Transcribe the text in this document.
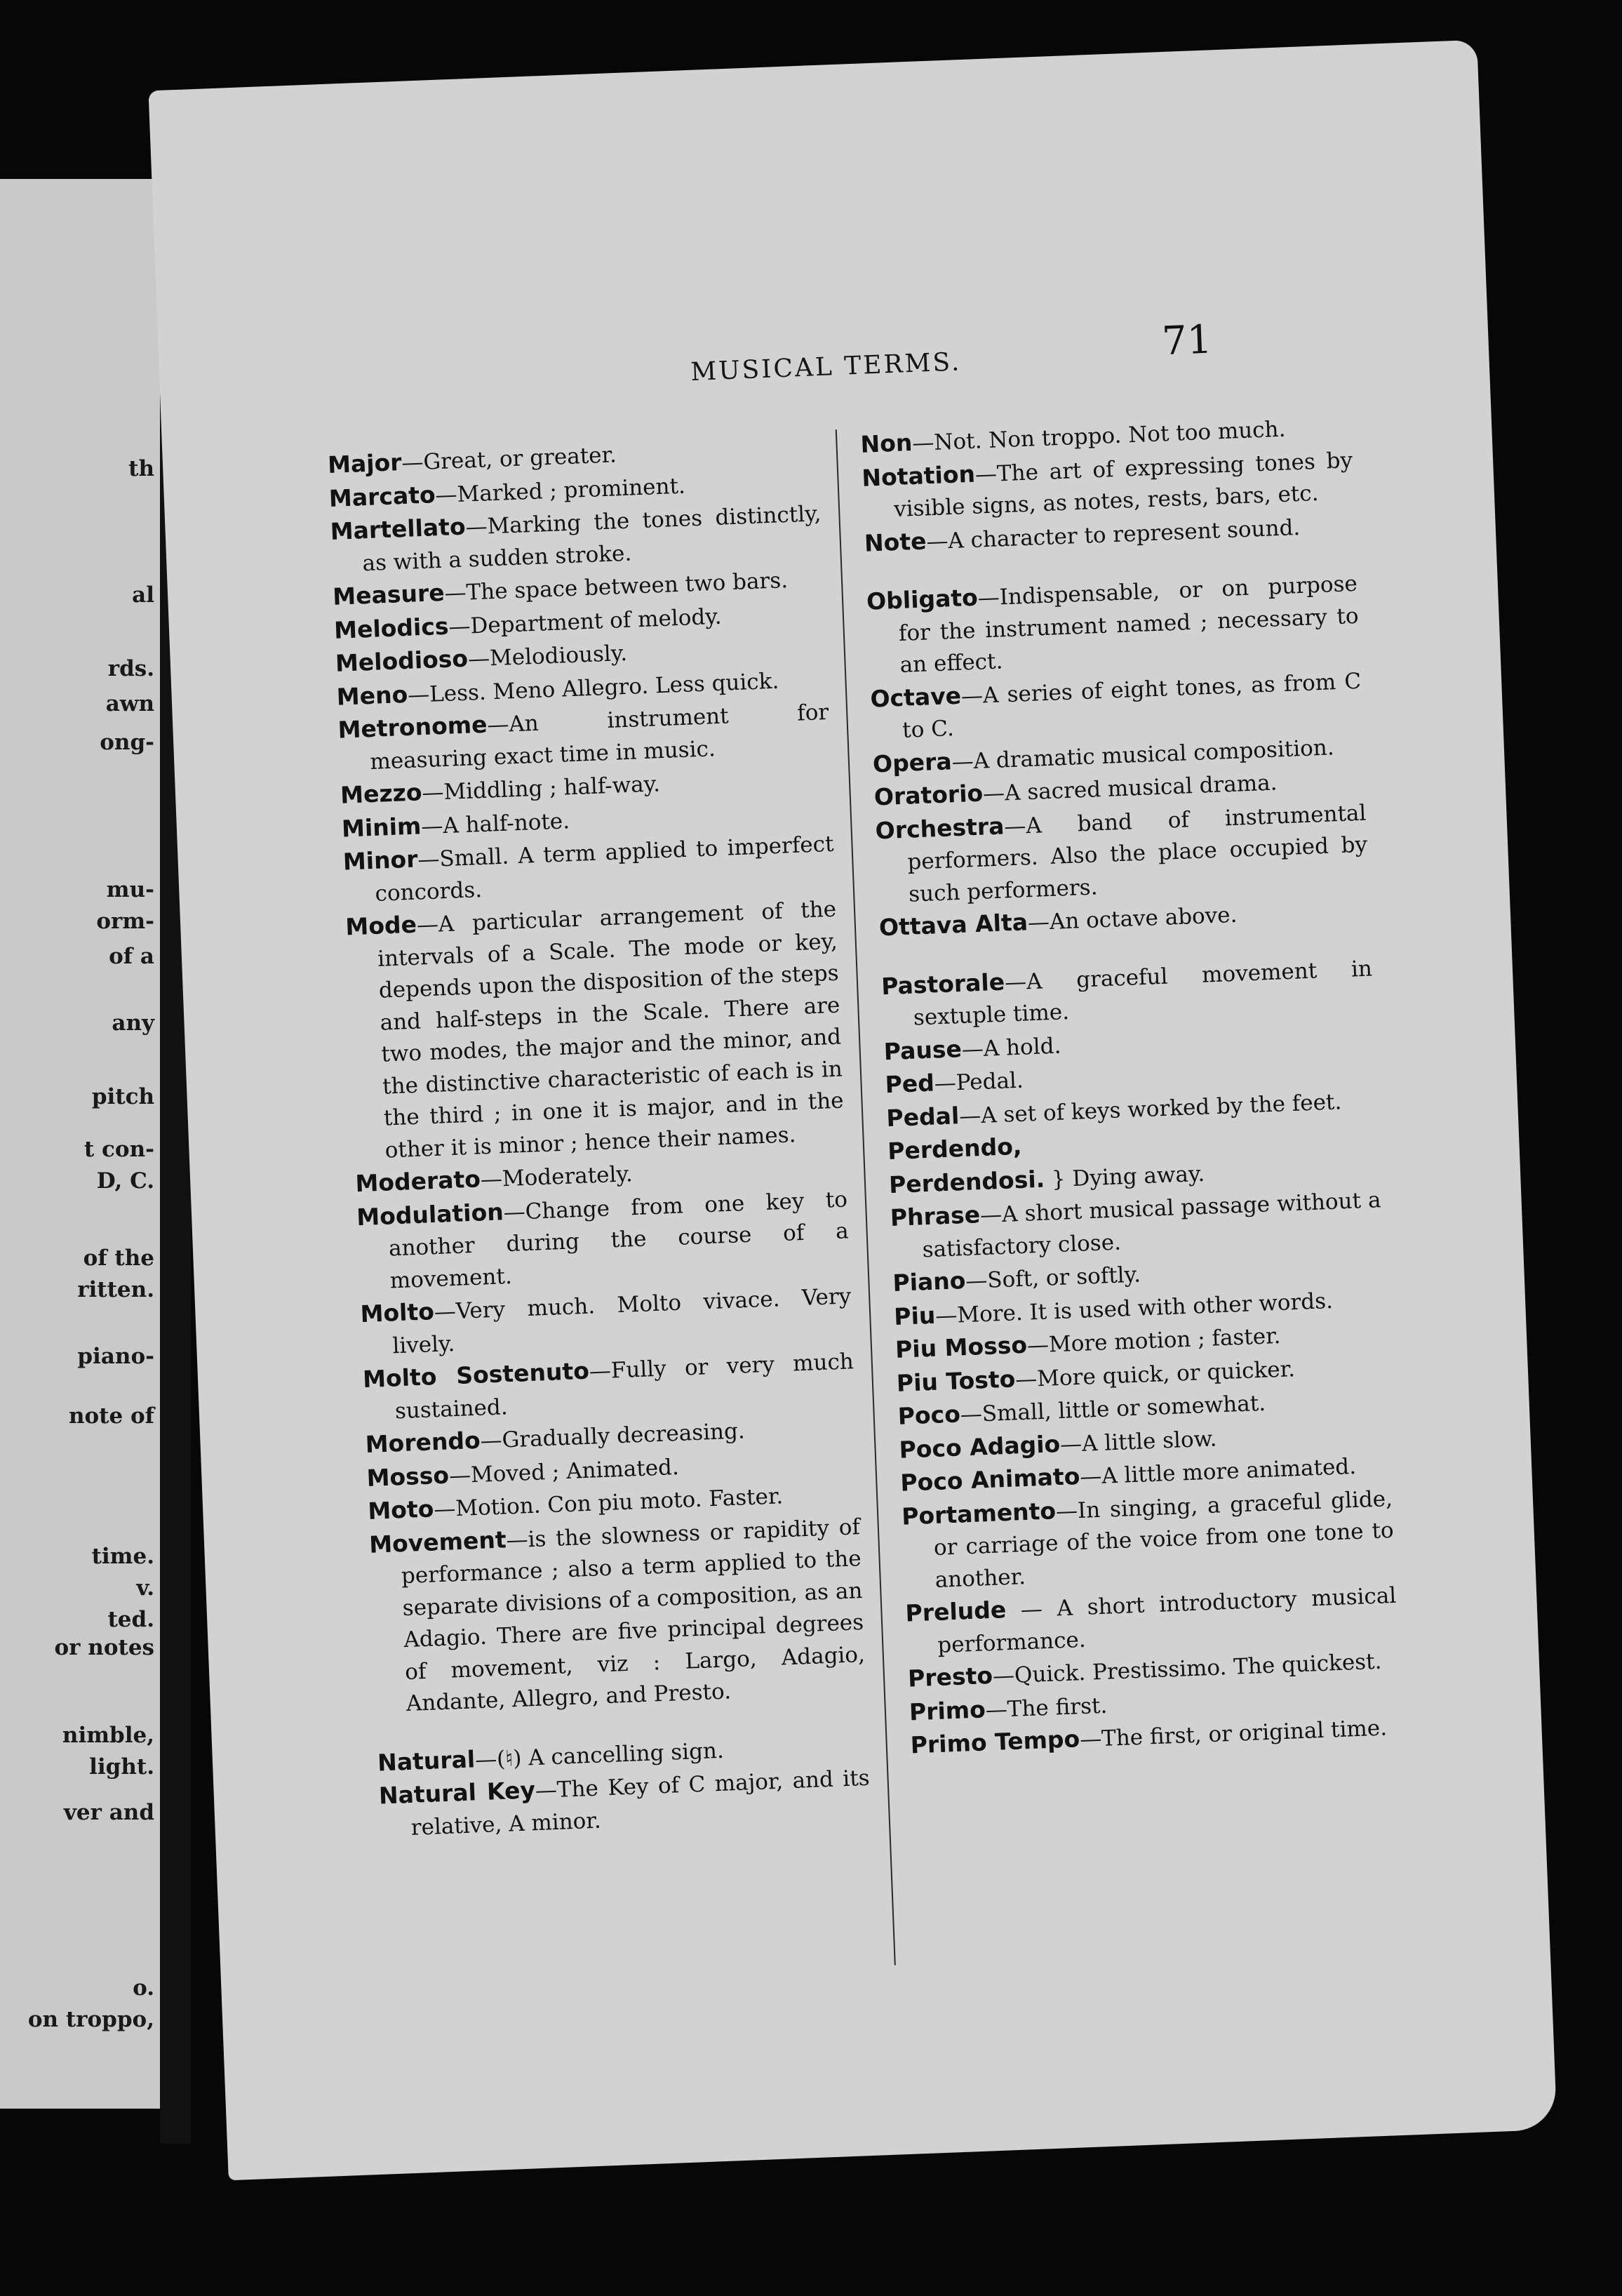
th

al

rds.

awn

ong-

mu-

orm-

of a

any

pitch

t con-

D, C.

of the

ritten.

piano-

note of

time.

v.

ted.

or notes

nimble,

light.

ver and

o.

on troppo,

MUSICAL TERMS.

71

Major—Great, or greater.
Marcato—Marked ; prominent.
Martellato—Marking the tones distinctly, as with a sudden stroke.
Measure—The space between two bars.
Melodics—Department of melody.
Melodioso—Melodiously.
Meno—Less. Meno Allegro. Less quick.
Metronome—An instrument for measuring exact time in music.
Mezzo—Middling ; half-way.
Minim—A half-note.
Minor—Small. A term applied to imperfect concords.
Mode—A particular arrangement of the intervals of a Scale. The mode or key, depends upon the disposition of the steps and half-steps in the Scale. There are two modes, the major and the minor, and the distinctive characteristic of each is in the third ; in one it is major, and in the other it is minor ; hence their names.
Moderato—Moderately.
Modulation—Change from one key to another during the course of a movement.
Molto—Very much. Molto vivace. Very lively.
Molto Sostenuto—Fully or very much sustained.
Morendo—Gradually decreasing.
Mosso—Moved ; Animated.
Moto—Motion. Con piu moto. Faster.
Movement—is the slowness or rapidity of performance ; also a term applied to the separate divisions of a composition, as an Adagio. There are five principal degrees of movement, viz : Largo, Adagio, Andante, Allegro, and Presto.
Natural—(♮) A cancelling sign.
Natural Key—The Key of C major, and its relative, A minor.
Non—Not. Non troppo. Not too much.
Notation—The art of expressing tones by visible signs, as notes, rests, bars, etc.
Note—A character to represent sound.
Obligato—Indispensable, or on purpose for the instrument named ; necessary to an effect.
Octave—A series of eight tones, as from C to C.
Opera—A dramatic musical composition.
Oratorio—A sacred musical drama.
Orchestra—A band of instrumental performers. Also the place occupied by such performers.
Ottava Alta—An octave above.
Pastorale—A graceful movement in sextuple time.
Pause—A hold.
Ped—Pedal.
Pedal—A set of keys worked by the feet.
Perdendo,
Perdendosi. } Dying away.
Phrase—A short musical passage without a satisfactory close.
Piano—Soft, or softly.
Piu—More. It is used with other words.
Piu Mosso—More motion ; faster.
Piu Tosto—More quick, or quicker.
Poco—Small, little or somewhat.
Poco Adagio—A little slow.
Poco Animato—A little more animated.
Portamento—In singing, a graceful glide, or carriage of the voice from one tone to another.
Prelude — A short introductory musical performance.
Presto—Quick. Prestissimo. The quickest.
Primo—The first.
Primo Tempo—The first, or original time.
